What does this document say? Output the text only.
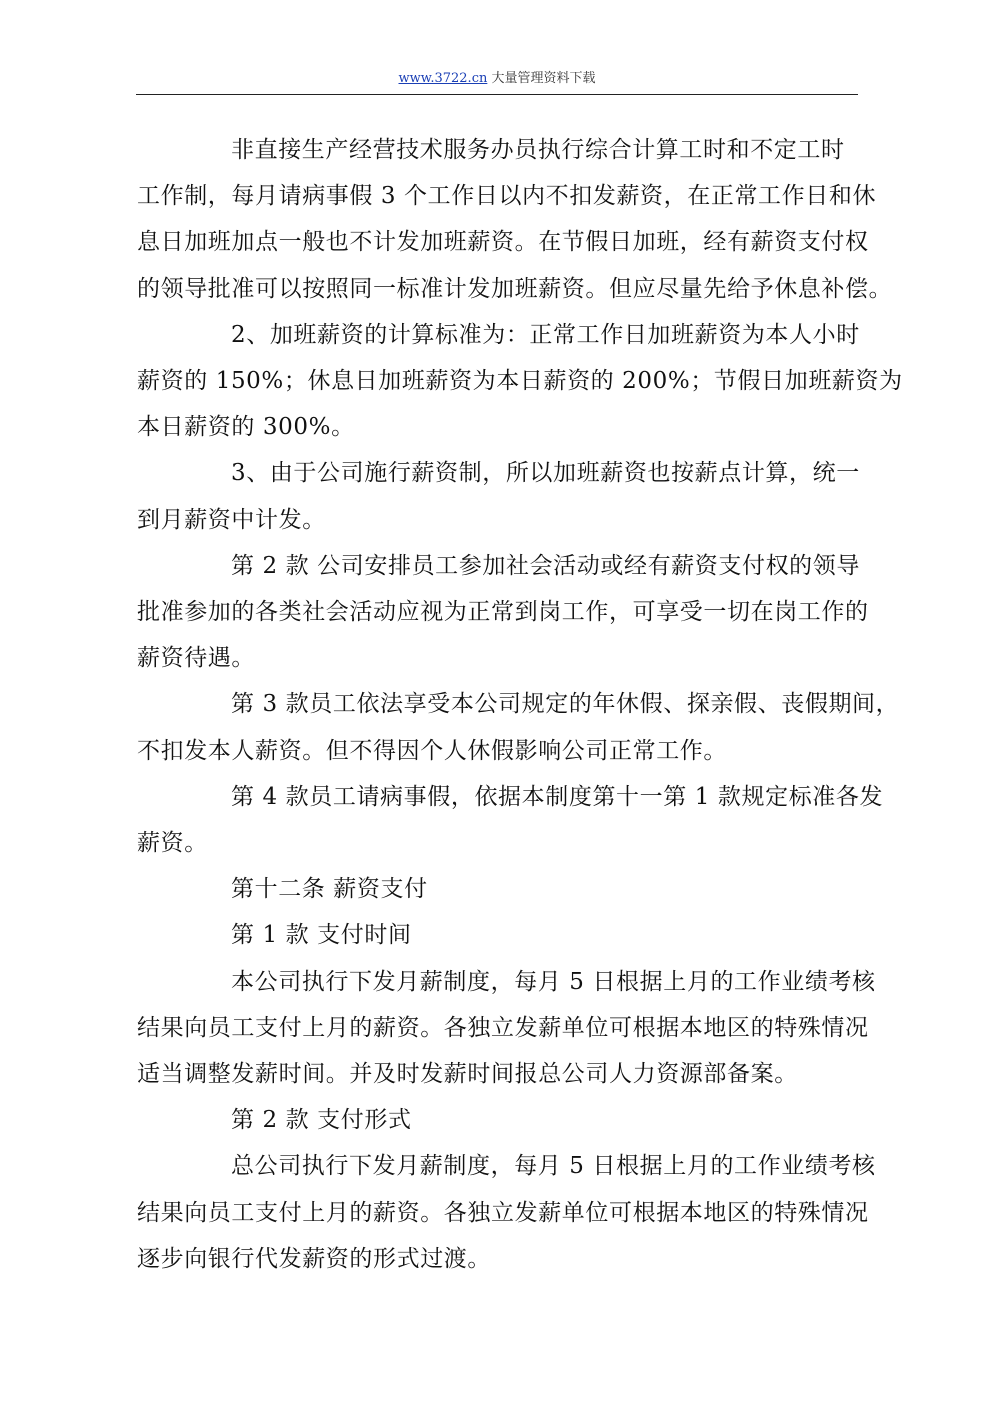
www.3722.cn 大量管理资料下载

非直接生产经营技术服务办员执行综合计算工时和不定工时
工作制，每月请病事假 3 个工作日以内不扣发薪资，在正常工作日和休
息日加班加点一般也不计发加班薪资。在节假日加班，经有薪资支付权
的领导批准可以按照同一标准计发加班薪资。但应尽量先给予休息补偿。

2、加班薪资的计算标准为：正常工作日加班薪资为本人小时
薪资的 150%；休息日加班薪资为本日薪资的 200%；节假日加班薪资为
本日薪资的 300%。

3、由于公司施行薪资制，所以加班薪资也按薪点计算，统一
到月薪资中计发。

第 2 款 公司安排员工参加社会活动或经有薪资支付权的领导
批准参加的各类社会活动应视为正常到岗工作，可享受一切在岗工作的
薪资待遇。

第 3 款员工依法享受本公司规定的年休假、探亲假、丧假期间，
不扣发本人薪资。但不得因个人休假影响公司正常工作。

第 4 款员工请病事假，依据本制度第十一第 1 款规定标准各发
薪资。

第十二条 薪资支付

第 1 款 支付时间

本公司执行下发月薪制度，每月 5 日根据上月的工作业绩考核
结果向员工支付上月的薪资。各独立发薪单位可根据本地区的特殊情况
适当调整发薪时间。并及时发薪时间报总公司人力资源部备案。

第 2 款 支付形式

总公司执行下发月薪制度，每月 5 日根据上月的工作业绩考核
结果向员工支付上月的薪资。各独立发薪单位可根据本地区的特殊情况
逐步向银行代发薪资的形式过渡。
